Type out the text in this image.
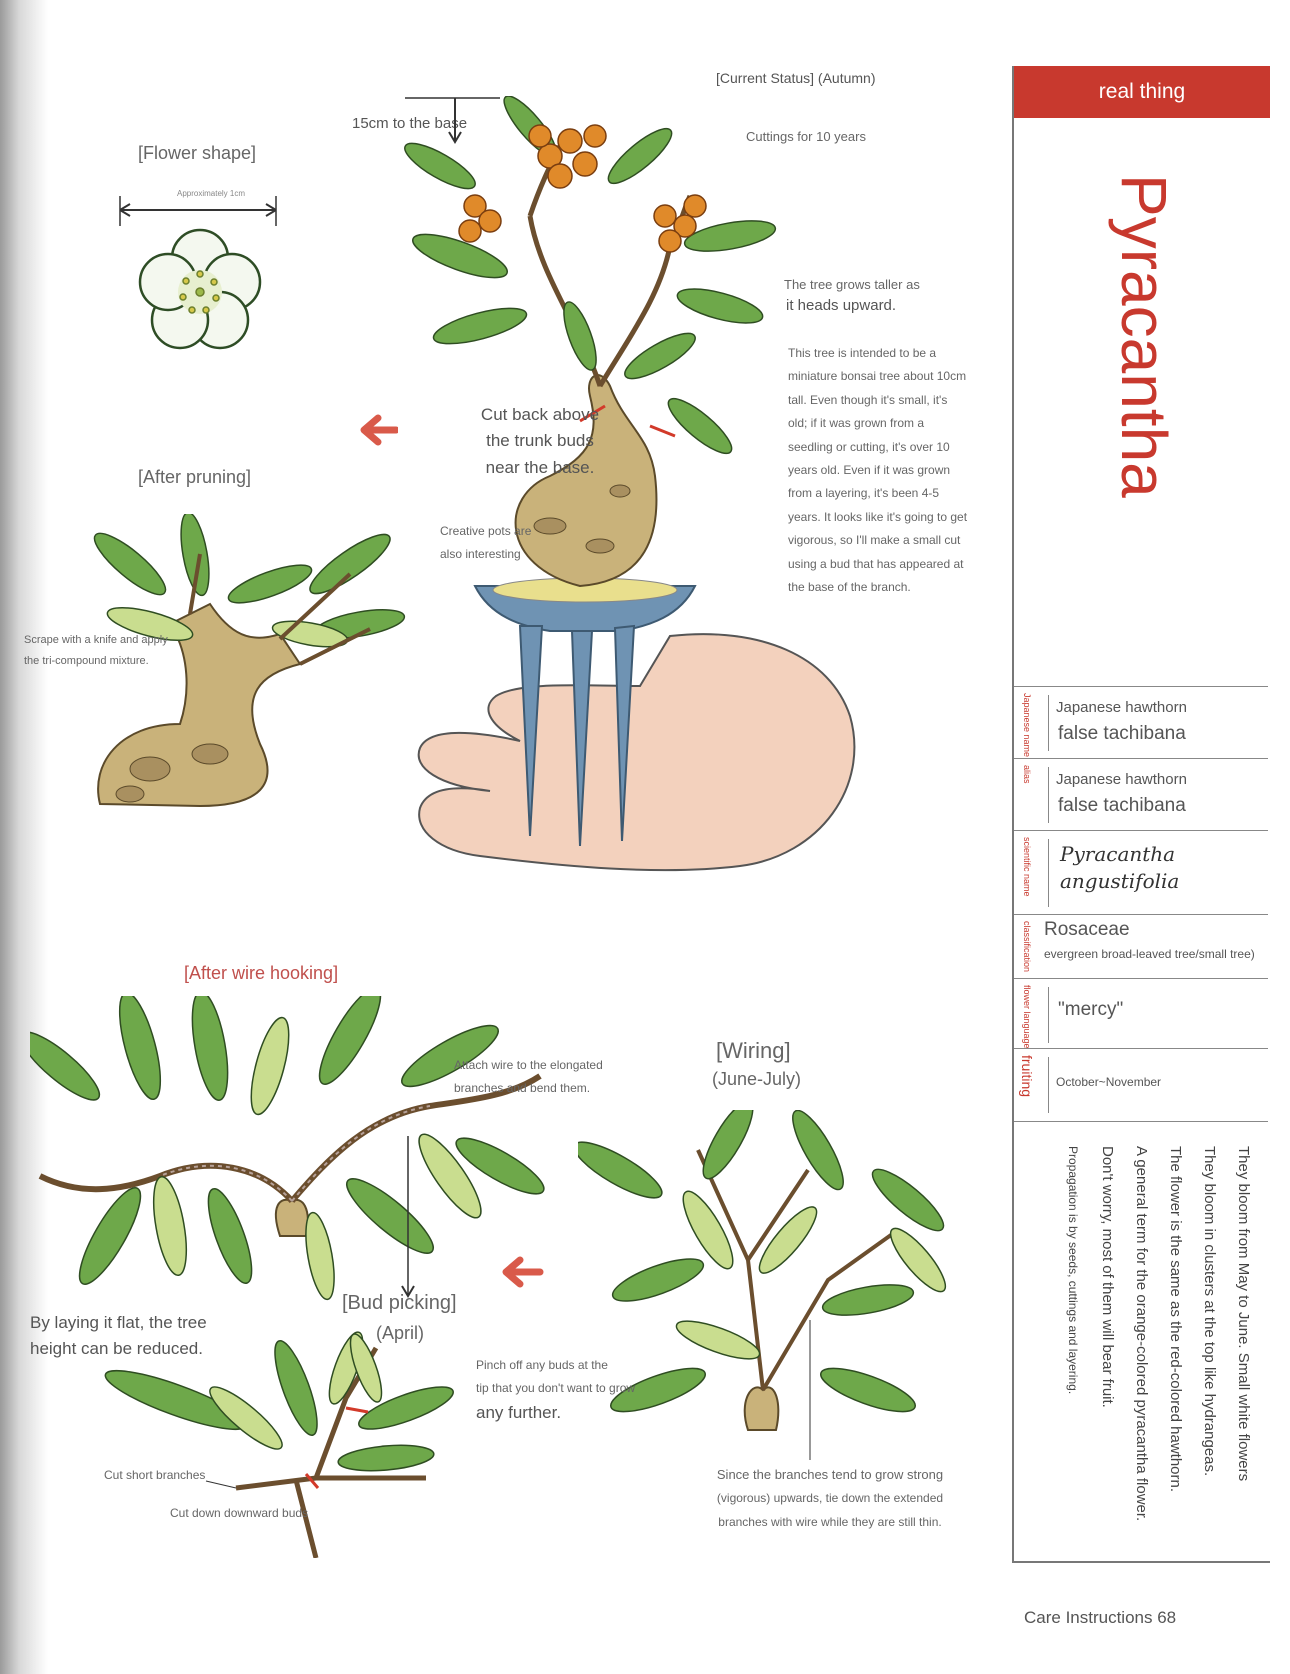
[Current Status] (Autumn)
Cuttings for 10 years
15cm to the base
The tree grows taller as
it heads upward.
This tree is intended to be a
miniature bonsai tree about 10cm
tall. Even though it's small, it's
old; if it was grown from a
seedling or cutting, it's over 10
years old. Even if it was grown
from a layering, it's been 4-5
years. It looks like it's going to get
vigorous, so I'll make a small cut
using a bud that has appeared at
the base of the branch.
Cut back above
the trunk buds
near the base.
Creative pots are
also interesting
[Flower shape]
Approximately 1cm
[After pruning]
Scrape with a knife and apply
the tri-compound mixture.
[After wire hooking]
Attach wire to the elongated
branches and bend them.
By laying it flat, the tree
height can be reduced.
[Wiring]
(June-July)
Since the branches tend to grow strong
(vigorous) upwards, tie down the extended
branches with wire while they are still thin.
[Bud picking]
(April)
Pinch off any buds at the
tip that you don't want to grow
any further.
Cut short branches
Cut down downward buds
real thing
Pyracantha
Japanese name Japanese hawthorn
false tachibana
alias Japanese hawthorn
false tachibana
scientific name Pyracantha
angustifolia
classification Rosaceae
evergreen broad-leaved tree/small tree)
flower language "mercy"
fruiting October~November
They bloom from May to June. Small white flowers
They bloom in clusters at the top like hydrangeas.
The flower is the same as the red-colored hawthorn.
A general term for the orange-colored pyracantha flower.
Don't worry, most of them will bear fruit.
Propagation is by seeds, cuttings and layering.
Care Instructions 68
